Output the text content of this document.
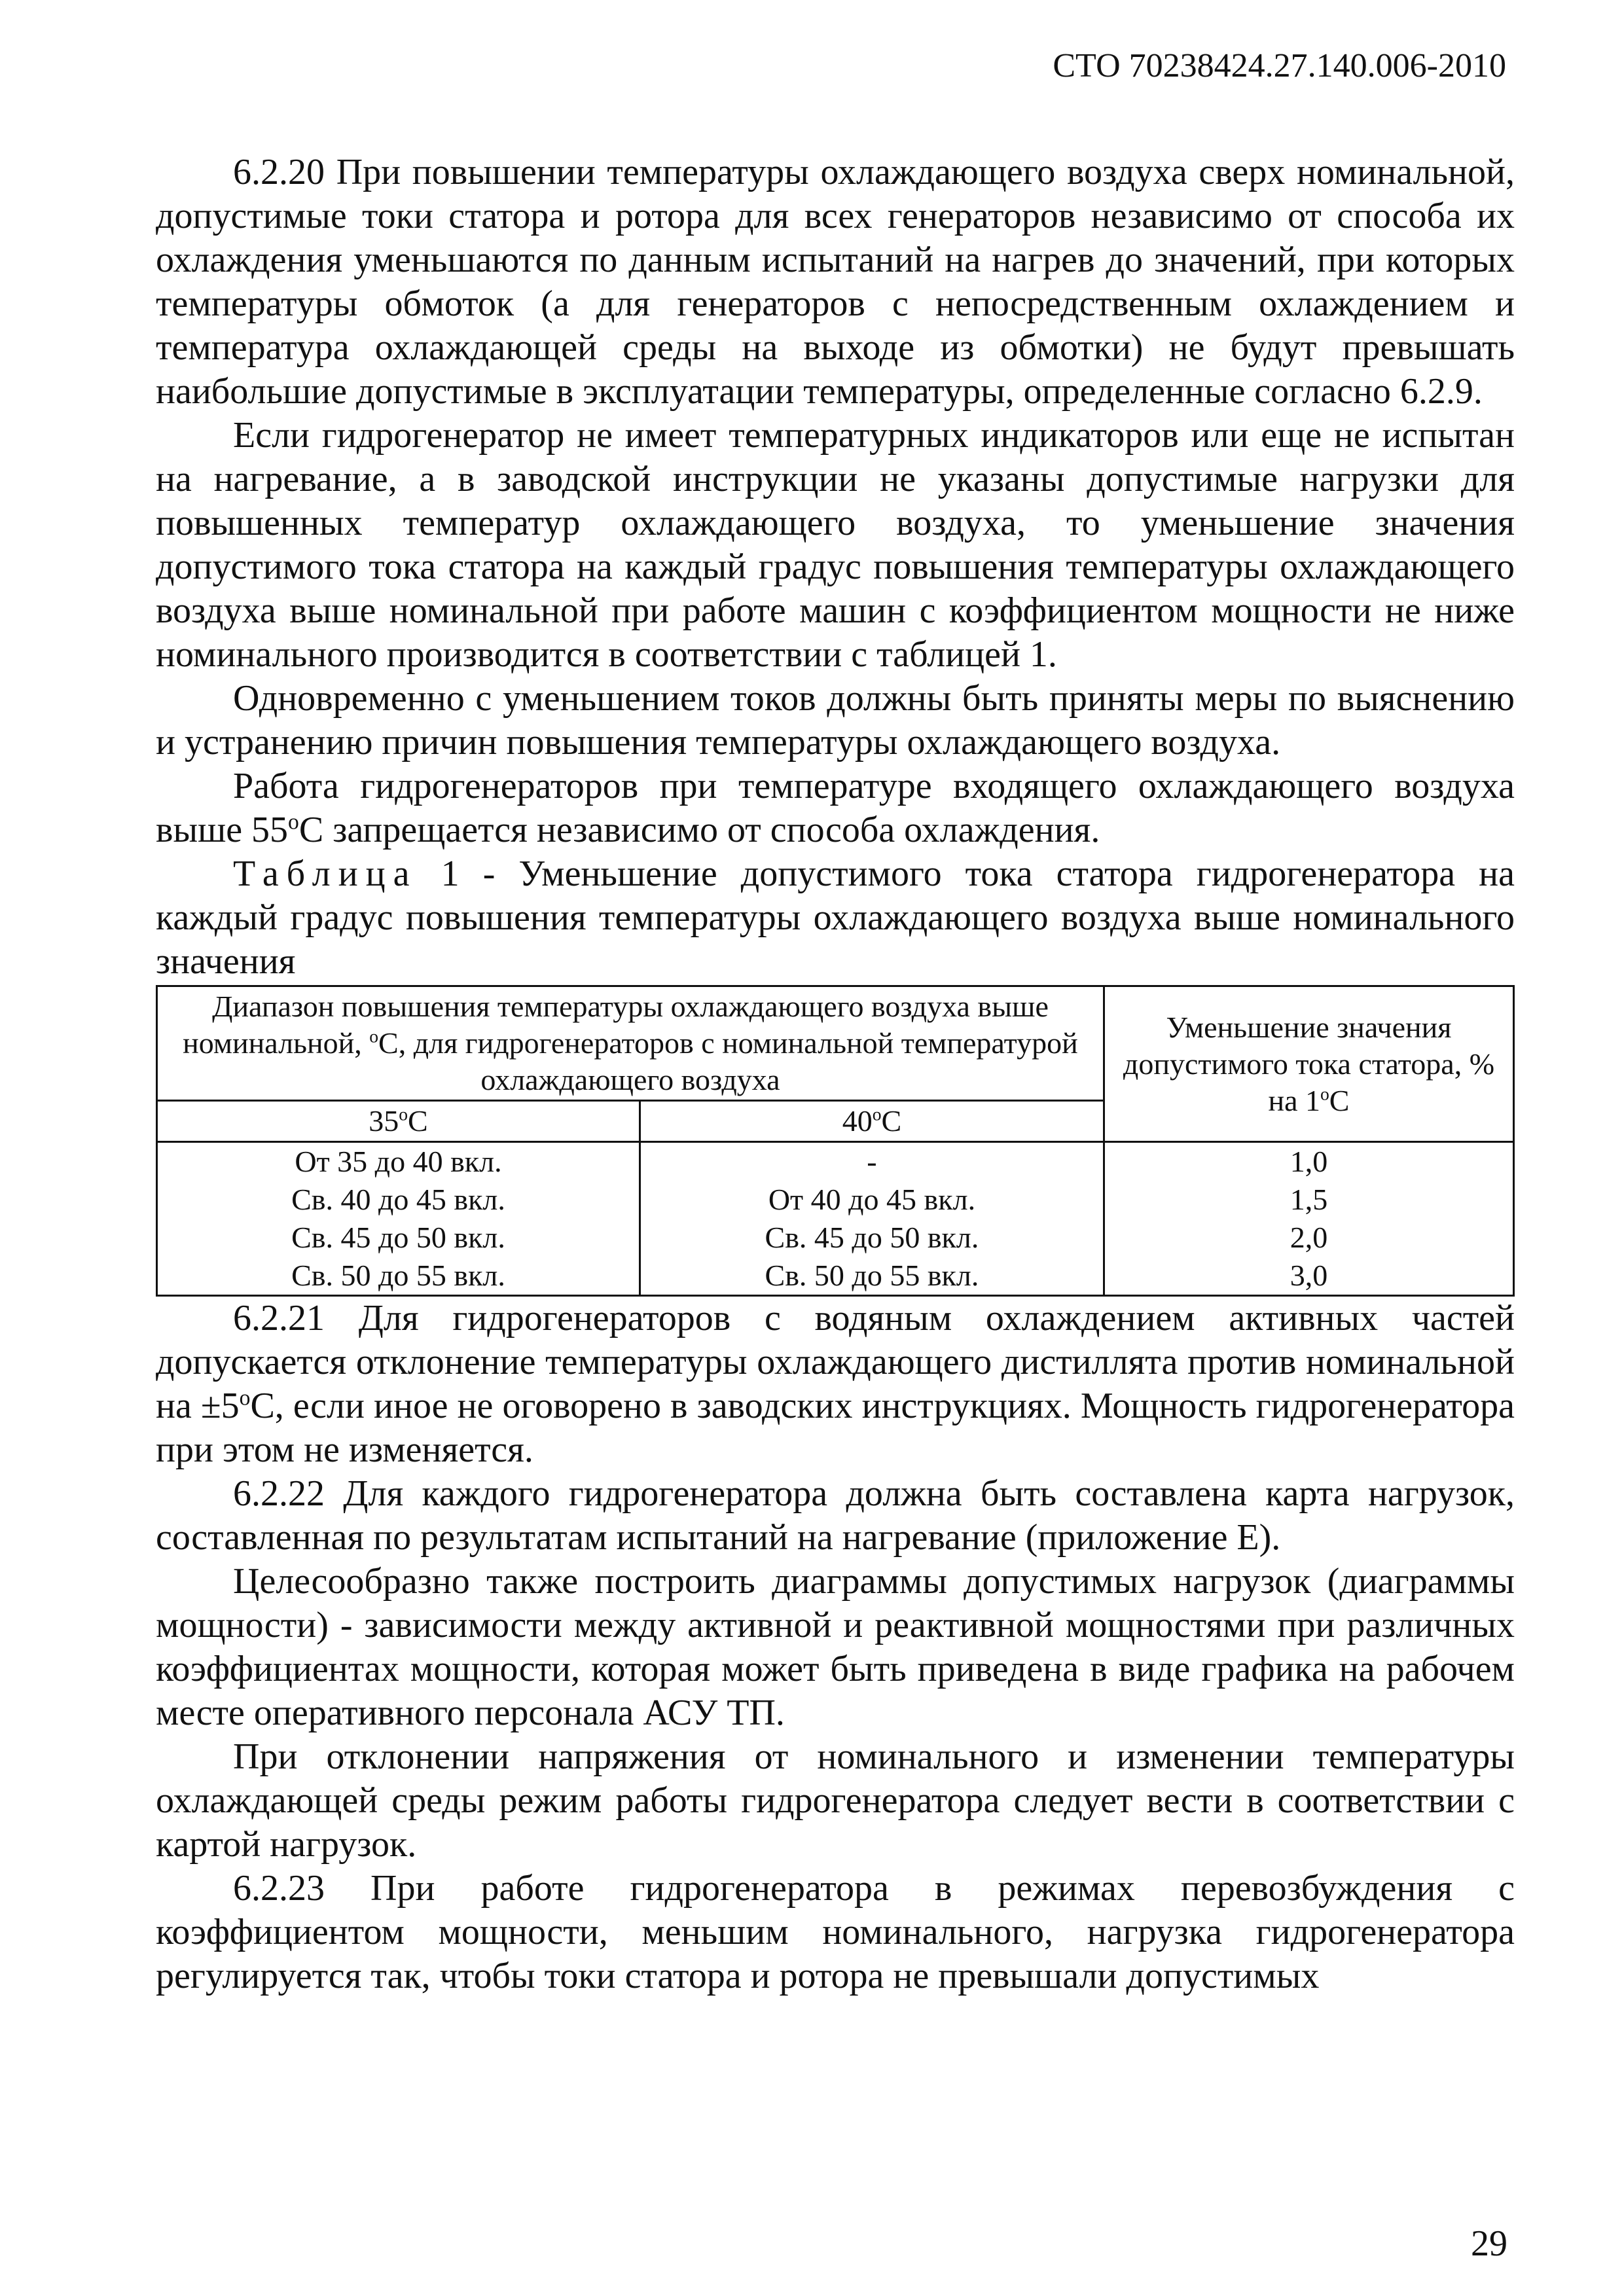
СТО 70238424.27.140.006-2010

6.2.20 При повышении температуры охлаждающего воздуха сверх номинальной, допустимые токи статора и ротора для всех генераторов независимо от способа их охлаждения уменьшаются по данным испытаний на нагрев до значений, при которых температуры обмоток (а для генераторов с непосредственным охлаждением и температура охлаждающей среды на выходе из обмотки) не будут превышать наибольшие допустимые в эксплуатации температуры, определенные согласно 6.2.9.

Если гидрогенератор не имеет температурных индикаторов или еще не испытан на нагревание, а в заводской инструкции не указаны допустимые нагрузки для повышенных температур охлаждающего воздуха, то уменьшение значения допустимого тока статора на каждый градус повышения температуры охлаждающего воздуха выше номинальной при работе машин с коэффициентом мощности не ниже номинального производится в соответствии с таблицей 1.

Одновременно с уменьшением токов должны быть приняты меры по выяснению и устранению причин повышения температуры охлаждающего воздуха.

Работа гидрогенераторов при температуре входящего охлаждающего воздуха выше $55^оС$ запрещается независимо от способа охлаждения.

Таблица 1 - Уменьшение допустимого тока статора гидрогенератора на каждый градус повышения температуры охлаждающего воздуха выше номинального значения

Диапазон повышения температуры охлаждающего воздуха выше номинальной, $^о$С, для гидрогенераторов с номинальной температурой охлаждающего воздуха		Уменьшение значения допустимого тока статора, % на $1^оС$
$35^оС$	$40^оС$	
От 35 до 40 вкл.	-	1,0
Св. 40 до 45 вкл.	От 40 до 45 вкл.	1,5
Св. 45 до 50 вкл.	Св. 45 до 50 вкл.	2,0
Св. 50 до 55 вкл.	Св. 50 до 55 вкл.	3,0

6.2.21 Для гидрогенераторов с водяным охлаждением активных частей допускается отклонение температуры охлаждающего дистиллята против номинальной на $\pm 5^оС$, если иное не оговорено в заводских инструкциях. Мощность гидрогенератора при этом не изменяется.

6.2.22 Для каждого гидрогенератора должна быть составлена карта нагрузок, составленная по результатам испытаний на нагревание (приложение Е).

Целесообразно также построить диаграммы допустимых нагрузок (диаграммы мощности) - зависимости между активной и реактивной мощностями при различных коэффициентах мощности, которая может быть приведена в виде графика на рабочем месте оперативного персонала АСУ ТП.

При отклонении напряжения от номинального и изменении температуры охлаждающей среды режим работы гидрогенератора следует вести в соответствии с картой нагрузок.

6.2.23 При работе гидрогенератора в режимах перевозбуждения с коэффициентом мощности, меньшим номинального, нагрузка гидрогенератора регулируется так, чтобы токи статора и ротора не превышали допустимых

29
